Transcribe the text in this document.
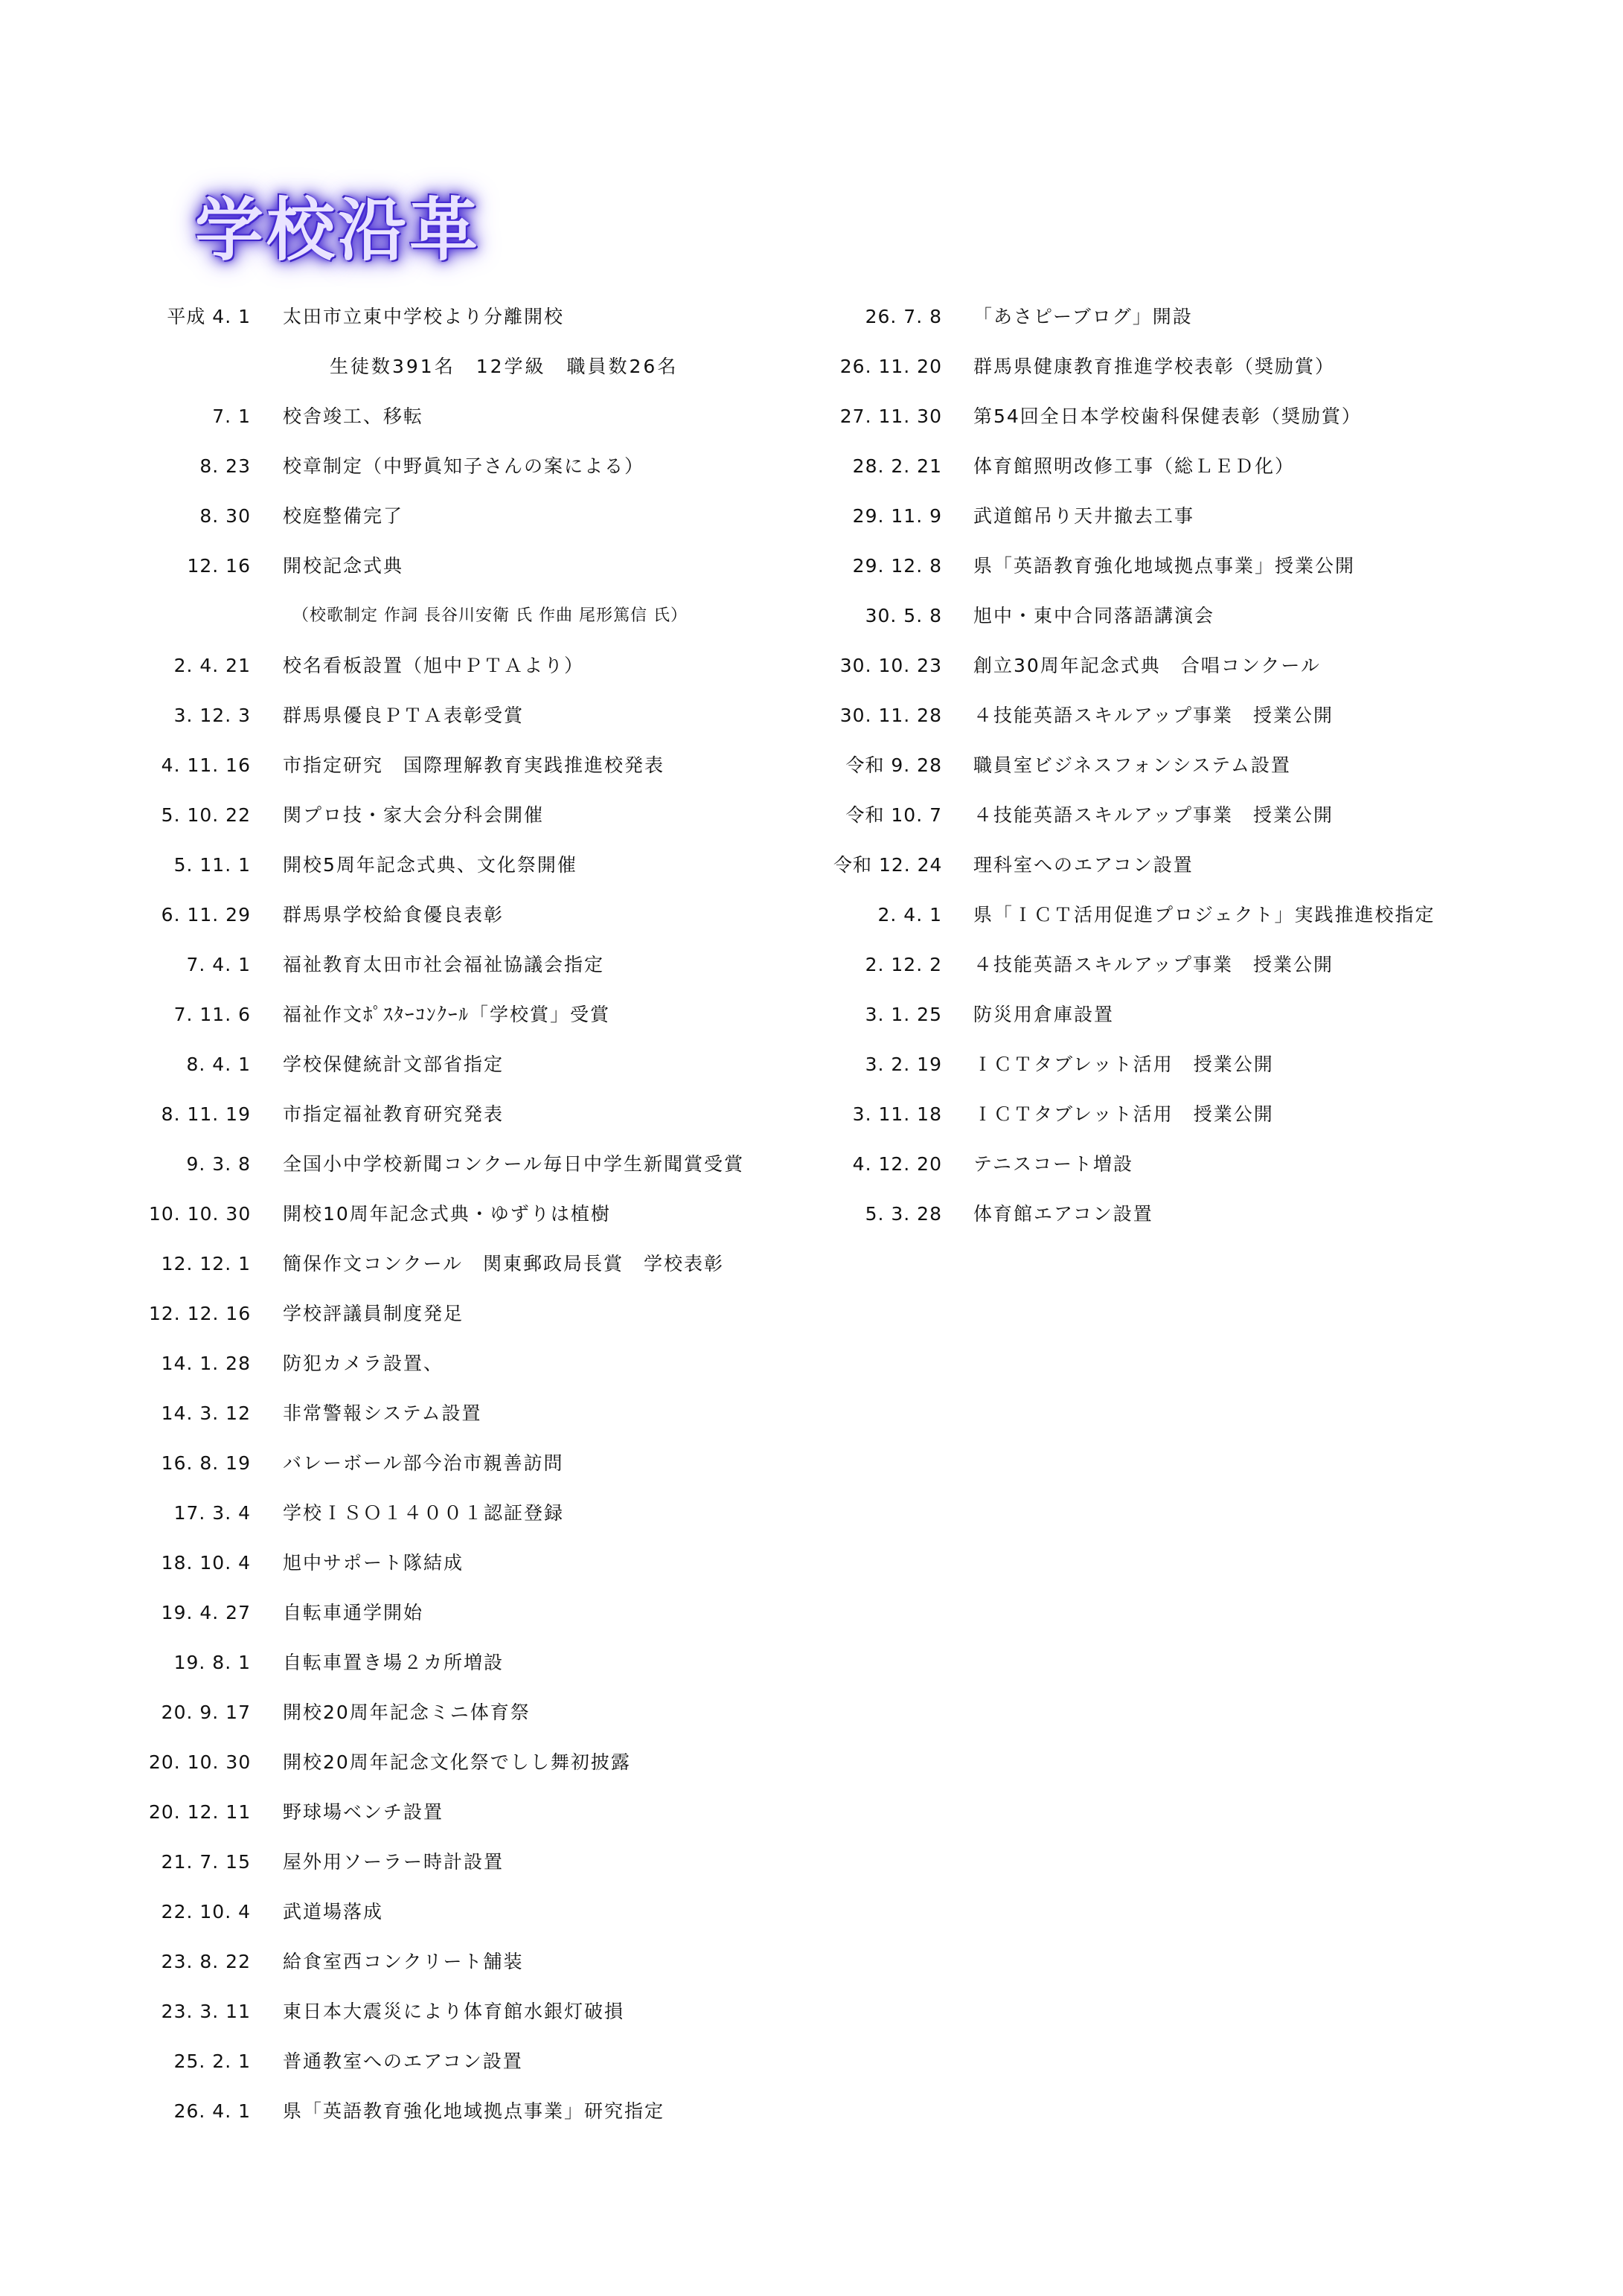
学校沿革
平成 4. 1 太田市立東中学校より分離開校
生徒数391名　12学級　職員数26名
7. 1 校舎竣工、移転
8. 23 校章制定（中野眞知子さんの案による）
8. 30 校庭整備完了
12. 16 開校記念式典
（校歌制定 作詞 長谷川安衛 氏 作曲 尾形篤信 氏）
2. 4. 21 校名看板設置（旭中ＰＴＡより）
3. 12. 3 群馬県優良ＰＴＡ表彰受賞
4. 11. 16 市指定研究　国際理解教育実践推進校発表
5. 10. 22 関プロ技・家大会分科会開催
5. 11. 1 開校5周年記念式典、文化祭開催
6. 11. 29 群馬県学校給食優良表彰
7. 4. 1 福祉教育太田市社会福祉協議会指定
7. 11. 6 福祉作文ﾎﾟｽﾀｰｺﾝｸｰﾙ「学校賞」受賞
8. 4. 1 学校保健統計文部省指定
8. 11. 19 市指定福祉教育研究発表
9. 3. 8 全国小中学校新聞コンクール毎日中学生新聞賞受賞
10. 10. 30 開校10周年記念式典・ゆずりは植樹
12. 12. 1 簡保作文コンクール　関東郵政局長賞　学校表彰
12. 12. 16 学校評議員制度発足
14. 1. 28 防犯カメラ設置、
14. 3. 12 非常警報システム設置
16. 8. 19 バレーボール部今治市親善訪問
17. 3. 4 学校ＩＳＯ１４００１認証登録
18. 10. 4 旭中サポート隊結成
19. 4. 27 自転車通学開始
19. 8. 1 自転車置き場２カ所増設
20. 9. 17 開校20周年記念ミニ体育祭
20. 10. 30 開校20周年記念文化祭でしし舞初披露
20. 12. 11 野球場ベンチ設置
21. 7. 15 屋外用ソーラー時計設置
22. 10. 4 武道場落成
23. 8. 22 給食室西コンクリート舗装
23. 3. 11 東日本大震災により体育館水銀灯破損
25. 2. 1 普通教室へのエアコン設置
26. 4. 1 県「英語教育強化地域拠点事業」研究指定
26. 7. 8 「あさピーブログ」開設
26. 11. 20 群馬県健康教育推進学校表彰（奨励賞）
27. 11. 30 第54回全日本学校歯科保健表彰（奨励賞）
28. 2. 21 体育館照明改修工事（総ＬＥＤ化）
29. 11. 9 武道館吊り天井撤去工事
29. 12. 8 県「英語教育強化地域拠点事業」授業公開
30. 5. 8 旭中・東中合同落語講演会
30. 10. 23 創立30周年記念式典　合唱コンクール
30. 11. 28 ４技能英語スキルアップ事業　授業公開
令和 9. 28 職員室ビジネスフォンシステム設置
令和 10. 7 ４技能英語スキルアップ事業　授業公開
令和 12. 24 理科室へのエアコン設置
2. 4. 1 県「ＩＣＴ活用促進プロジェクト」実践推進校指定
2. 12. 2 ４技能英語スキルアップ事業　授業公開
3. 1. 25 防災用倉庫設置
3. 2. 19 ＩＣＴタブレット活用　授業公開
3. 11. 18 ＩＣＴタブレット活用　授業公開
4. 12. 20 テニスコート増設
5. 3. 28 体育館エアコン設置
